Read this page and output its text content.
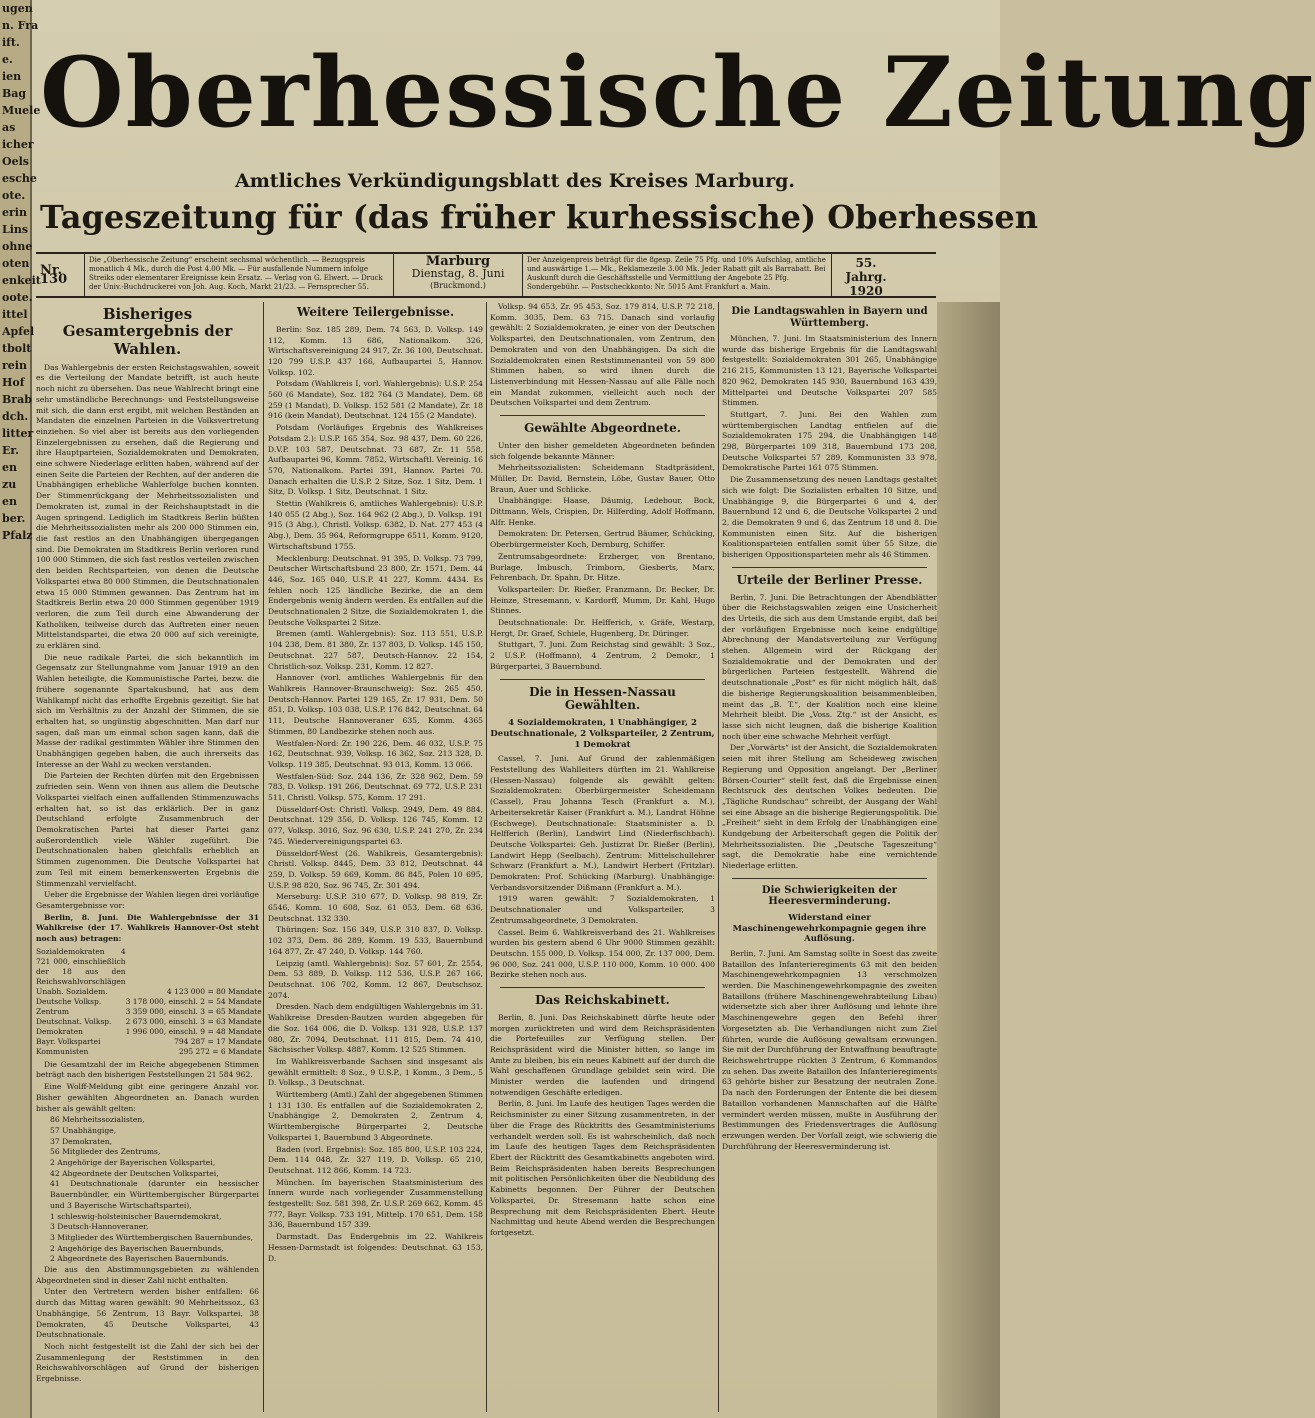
ugen
n. Fra
ift.
e.
ien
Bag
Muele
as
icher
Oels
esche
ote.
erin
Lins
ohne
oten
enkeit
oote.
ittel
Apfel
tbolt
rein
Hof
Brab
dch.
litter
Er.
en
zu
en
ber.
Pfalz
Oberhessische Zeitung
Amtliches Verkündigungsblatt des Kreises Marburg.
Tageszeitung für (das früher kurhessische) Oberhessen
Nr. 130
Die „Oberhessische Zeitung“ erscheint sechsmal wöchentlich. — Bezugspreis monatlich 4 Mk., durch die Post 4.00 Mk. — Für ausfallende Nummern infolge Streiks oder elementarer Ereignisse kein Ersatz. — Verlag von G. Elwert. — Druck der Univ.-Buchdruckerei von Joh. Aug. Koch, Markt 21/23. — Fernsprecher 55.
Marburg
Dienstag, 8. Juni
(Bruckmond.)
Der Anzeigenpreis beträgt für die 8gesp. Zeile 75 Pfg. und 10% Aufschlag, amtliche und auswärtige 1.— Mk., Reklamezeile 3.00 Mk. Jeder Rabatt gilt als Barrabatt. Bei Auskunft durch die Geschäftsstelle und Vermittlung der Angebote 25 Pfg. Sondergebühr. — Postscheckkonto: Nr. 5015 Amt Frankfurt a. Main.
55. Jahrg.
1920
Bisheriges Gesamtergebnis der Wahlen.

Das Wahlergebnis der ersten Reichstagswahlen, soweit es die Verteilung der Mandate betrifft, ist auch heute noch nicht zu übersehen. Das neue Wahlrecht bringt eine sehr umständliche Berechnungs- und Feststellungsweise mit sich, die dann erst ergibt, mit welchen Beständen an Mandaten die einzelnen Parteien in die Volksvertretung einziehen. So viel aber ist bereits aus den vorliegenden Einzelergebnissen zu ersehen, daß die Regierung und ihre Hauptparteien, Sozialdemokraten und Demokraten, eine schwere Niederlage erlitten haben, während auf der einen Seite die Parteien der Rechten, auf der anderen die Unabhängigen erhebliche Wahlerfolge buchen konnten. Der Stimmenrückgang der Mehrheitssozialisten und Demokraten ist, zumal in der Reichshauptstadt in die Augen springend. Lediglich im Stadtkreis Berlin büßten die Mehrheitssozialisten mehr als 200 000 Stimmen ein, die fast restlos an den Unabhängigen übergegangen sind. Die Demokraten im Stadtkreis Berlin verloren rund 100 000 Stimmen, die sich fast restlos verteilen zwischen den beiden Rechtsparteien, von denen die Deutsche Volkspartei etwa 80 000 Stimmen, die Deutschnationalen etwa 15 000 Stimmen gewannen. Das Zentrum hat im Stadtkreis Berlin etwa 20 000 Stimmen gegenüber 1919 verloren, die zum Teil durch eine Abwanderung der Katholiken, teilweise durch das Auftreten einer neuen Mittelstandspartei, die etwa 20 000 auf sich vereinigte, zu erklären sind.

Die neue radikale Partei, die sich bekanntlich im Gegensatz zur Stellungnahme vom Januar 1919 an den Wahlen beteiligte, die Kommunistische Partei, bezw. die frühere sogenannte Spartakusbund, hat aus dem Wahlkampf nicht das erhoffte Ergebnis gezeitigt. Sie hat sich im Verhältnis zu der Anzahl der Stimmen, die sie erhalten hat, so ungünstig abgeschnitten. Man darf nur sagen, daß man um einmal schon sagen kann, daß die Masse der radikal gestimmten Wähler ihre Stimmen den Unabhängigen gegeben haben, die auch ihrerseits das Interesse an der Wahl zu wecken verstanden.

Die Parteien der Rechten dürfen mit den Ergebnissen zufrieden sein. Wenn von ihnen aus allem die Deutsche Volkspartei vielfach einen auffallenden Stimmenzuwachs erhalten hat, so ist das erklärlich. Der in ganz Deutschland erfolgte Zusammenbruch der Demokratischen Partei hat dieser Partei ganz außerordentlich viele Wähler zugeführt. Die Deutschnationalen haben gleichfalls erheblich an Stimmen zugenommen. Die Deutsche Volkspartei hat zum Teil mit einem bemerkenswerten Ergebnis die Stimmenzahl vervielfacht.

Ueber die Ergebnisse der Wahlen liegen drei vorläufige Gesamtergebnisse vor:

Berlin, 8. Juni. Die Wahlergebnisse der 31 Wahlkreise (der 17. Wahlkreis Hannover-Ost steht noch aus) betragen:

Sozialdemokraten 4 721 000, einschließlich der 18 aus den Reichswahlvorschlägen	
Unabh. Sozialdem.	4 123 000 = 80 Mandate
Deutsche Volksp.	3 178 000, einschl. 2 = 54 Mandate
Zentrum	3 359 000, einschl. 3 = 65 Mandate
Deutschnat. Volksp.	2 673 000, einschl. 3 = 63 Mandate
Demokraten	1 996 000, einschl. 9 = 48 Mandate
Bayr. Volkspartei	794 287 = 17 Mandate
Kommunisten	295 272 = 6 Mandate

Die Gesamtzahl der im Reiche abgegebenen Stimmen beträgt nach den bisherigen Feststellungen 21 584 962.

Eine Wolff-Meldung gibt eine geringere Anzahl vor. Bisher gewählten Abgeordneten an. Danach wurden bisher als gewählt gelten:

86 Mehrheitssozialisten,

57 Unabhängige,

37 Demokraten,

56 Mitglieder des Zentrums,

2 Angehörige der Bayerischen Volkspartei,

42 Abgeordnete der Deutschen Volkspartei,

41 Deutschnationale (darunter ein hessischer Bauernbündler, ein Württembergischer Bürgerpartei und 3 Bayerische Wirtschaftspartei),

1 schleswig-holsteinischer Bauerndemokrat,

3 Deutsch-Hannoveraner,

3 Mitglieder des Württembergischen Bauernbundes,

2 Angehörige des Bayerischen Bauernbunds,

2 Abgeordnete des Bayerischen Bauernbunds.

Die aus den Abstimmungsgebieten zu wählenden Abgeordneten sind in dieser Zahl nicht enthalten.

Unter den Vertretern werden bisher entfallen: 66 durch das Mittag waren gewählt: 90 Mehrheitssoz., 63 Unabhängige, 56 Zentrum, 13 Bayr. Volkspartei, 38 Demokraten, 45 Deutsche Volkspartei, 43 Deutschnationale.

Noch nicht festgestellt ist die Zahl der sich bei der Zusammenlegung der Reststimmen in den Reichswahlvorschlägen auf Grund der bisherigen Ergebnisse.

Weitere Teilergebnisse.

Berlin: Soz. 185 289, Dem. 74 563, D. Volksp. 149 112, Komm. 13 686, Nationalkom. 326, Wirtschaftsvereinigung 24 917, Zr. 36 100, Deutschnat. 120 799 U.S.P. 437 166, Aufbaupartei 5, Hannov. Volksp. 102.

Potsdam (Wahlkreis I, vorl. Wahlergebnis): U.S.P. 254 560 (6 Mandate), Soz. 182 764 (3 Mandate), Dem. 68 259 (1 Mandat), D. Volksp. 152 581 (2 Mandate), Zr. 18 916 (kein Mandat), Deutschnat. 124 155 (2 Mandate).

Potsdam (Vorläufiges Ergebnis des Wahlkreises Potsdam 2.): U.S.P. 165 354, Soz. 98 437, Dem. 60 226, D.V.P. 103 587, Deutschnat. 73 687, Zr. 11 558, Aufbaupartei 96, Komm. 7852, Wirtschaftl. Vereinig. 16 570, Nationalkom. Partei 391, Hannov. Partei 70. Danach erhalten die U.S.P. 2 Sitze, Soz. 1 Sitz, Dem. 1 Sitz, D. Volksp. 1 Sitz, Deutschnat. 1 Sitz.

Stettin (Wahlkreis 6, amtliches Wahlergebnis): U.S.P. 140 055 (2 Abg.), Soz. 164 962 (2 Abg.), D. Volksp. 191 915 (3 Abg.), Christl. Volksp. 6382, D. Nat. 277 453 (4 Abg.), Dem. 35 964, Reformgruppe 6511, Komm. 9120, Wirtschaftsbund 1755.

Mecklenburg: Deutschnat. 91 395, D. Volksp. 73 799, Deutscher Wirtschaftsbund 23 800, Zr. 1571, Dem. 44 446, Soz. 165 040, U.S.P. 41 227, Komm. 4434. Es fehlen noch 125 ländliche Bezirke, die an dem Endergebnis wenig ändern werden. Es entfallen auf die Deutschnationalen 2 Sitze, die Sozialdemokraten 1, die Deutsche Volkspartei 2 Sitze.

Bremen (amtl. Wahlergebnis): Soz. 113 551, U.S.P. 104 238, Dem. 81 380, Zr. 137 803, D. Volksp. 145 150, Deutschnat. 227 587, Deutsch-Hannov. 22 154, Christlich-soz. Volksp. 231, Komm. 12 827.

Hannover (vorl. amtliches Wahlergebnis für den Wahlkreis Hannover-Braunschweig): Soz. 265 450, Deutsch-Hannov. Partei 129 165, Zr. 17 931, Dem. 50 851, D. Volksp. 103 038, U.S.P. 176 842, Deutschnat. 64 111, Deutsche Hannoveraner 635, Komm. 4365 Stimmen, 80 Landbezirke stehen noch aus.

Westfalen-Nord: Zr. 190 226, Dem. 46 032, U.S.P. 75 162, Deutschnat. 939, Volksp. 16 362, Soz. 213 328, D. Volksp. 119 385, Deutschnat. 93 013, Komm. 13 066.

Westfalen-Süd: Soz. 244 136, Zr. 328 962, Dem. 59 783, D. Volksp. 191 266, Deutschnat. 69 772, U.S.P. 231 511, Christl. Volksp. 575, Komm. 17 291.

Düsseldorf-Ost: Christl. Volksp. 2949, Dem. 49 884, Deutschnat. 129 356, D. Volksp. 126 745, Komm. 12 077, Volksp. 3016, Soz. 96 630, U.S.P. 241 270, Zr. 234 745. Wiedervereinigungspartei 63.

Düsseldorf-West (26. Wahlkreis, Gesamtergebnis): Christl. Volksp. 8445, Dem. 33 812, Deutschnat. 44 259, D. Volksp. 59 669, Komm. 86 845, Polen 10 695, U.S.P. 98 820, Soz. 96 745, Zr. 301 494.

Merseburg: U.S.P. 310 677, D. Volksp. 98 819, Zr. 6546, Komm. 10 608, Soz. 61 053, Dem. 68 636, Deutschnat. 132 330.

Thüringen: Soz. 156 349, U.S.P. 310 837, D. Volksp. 102 373, Dem. 86 289, Komm. 19 533, Bauernbund 164 877, Zr. 47 240, D. Volksp. 144 760.

Leipzig (amtl. Wahlergebnis): Soz. 57 601, Zr. 2554, Dem. 53 889, D. Volksp. 112 536, U.S.P. 267 166, Deutschnat. 106 702, Komm. 12 867, Deutschsoz. 2074.

Dresden. Nach dem endgültigen Wahlergebnis im 31. Wahlkreise Dresden-Bautzen wurden abgegeben für die Soz. 164 006, die D. Volksp. 131 928, U.S.P. 137 080, Zr. 7094, Deutschnat. 111 815, Dem. 74 410, Sächsischer Volksp. 4887, Komm. 12 525 Stimmen.

Im Wahlkreisverbande Sachsen sind insgesamt als gewählt ermittelt: 8 Soz., 9 U.S.P., 1 Komm., 3 Dem., 5 D. Volksp., 3 Deutschnat.

Württemberg (Amtl.) Zahl der abgegebenen Stimmen 1 131 130. Es entfallen auf die Sozialdemokraten 2, Unabhängige 2, Demokraten 2, Zentrum 4, Württembergische Bürgerpartei 2, Deutsche Volkspartei 1, Bauernbund 3 Abgeordnete.

Baden (vorl. Ergebnis): Soz. 185 800, U.S.P. 103 224, Dem. 114 048, Zr. 327 119, D. Volksp. 65 210, Deutschnat. 112 866, Komm. 14 723.

München. Im bayerischen Staatsministerium des Innern wurde nach vorliegender Zusammenstellung festgestellt: Soz. 581 398, Zr. U.S.P. 269 662, Komm. 45 777, Bayr. Volksp. 733 191, Mittelp. 170 651, Dem. 158 336, Bauernbund 157 339.

Darmstadt. Das Endergebnis im 22. Wahlkreis Hessen-Darmstadt ist folgendes: Deutschnat. 63 153, D.

Volksp. 94 653, Zr. 95 453, Soz. 179 814, U.S.P. 72 218, Komm. 3035, Dem. 63 715. Danach sind vorlaufig gewählt: 2 Sozialdemokraten, je einer von der Deutschen Volkspartei, den Deutschnationalen, vom Zentrum, den Demokraten und von den Unabhängigen. Da sich die Sozialdemokraten einen Reststimmenanteil von 59 800 Stimmen haben, so wird ihnen durch die Listenverbindung mit Hessen-Nassau auf alle Fälle noch ein Mandat zukommen, vielleicht auch noch der Deutschen Volkspartei und dem Zentrum.

Gewählte Abgeordnete.

Unter den bisher gemeldeten Abgeordneten befinden sich folgende bekannte Männer:

Mehrheitssozialisten: Scheidemann Stadtpräsident, Müller, Dr. David, Bernstein, Löbe, Gustav Bauer, Otto Braun, Auer und Schlicke.

Unabhängige: Haase, Däumig, Ledebour, Bock, Dittmann, Wels, Crispien, Dr. Hilferding, Adolf Hoffmann, Alfr. Henke.

Demokraten: Dr. Petersen, Gertrud Bäumer, Schücking, Oberbürgermeister Koch, Dernburg, Schiffer.

Zentrumsabgeordnete: Erzberger, von Brentano, Burlage, Imbusch, Trimborn, Giesberts, Marx, Fehrenbach, Dr. Spahn, Dr. Hitze.

Volksparteiler: Dr. Rießer, Franzmann, Dr. Becker, Dr. Heinze, Stresemann, v. Kardorff, Mumm, Dr. Kahl, Hugo Stinnes.

Deutschnationale: Dr. Helfferich, v. Gräfe, Westarp, Hergt, Dr. Graef, Schiele, Hugenberg, Dr. Düringer.

Stuttgart, 7. Juni. Zum Reichstag sind gewählt: 3 Soz., 2 U.S.P. (Hoffmann), 4 Zentrum, 2 Demokr., 1 Bürgerpartei, 3 Bauernbund.

Die in Hessen-Nassau Gewählten.
4 Sozialdemokraten, 1 Unabhängiger, 2 Deutschnationale, 2 Volksparteiler, 2 Zentrum, 1 Demokrat

Cassel, 7. Juni. Auf Grund der zahlenmäßigen Feststellung des Wahlleiters dürften im 21. Wahlkreise (Hessen-Nassau) folgende als gewählt gelten: Sozialdemokraten: Oberbürgermeister Scheidemann (Cassel), Frau Johanna Tesch (Frankfurt a. M.), Arbeitersekretär Kaiser (Frankfurt a. M.), Landrat Höhne (Eschwege). Deutschnationale: Staatsminister a. D. Helfferich (Berlin), Landwirt Lind (Niederfischbach). Deutsche Volkspartei: Geh. Justizrat Dr. Rießer (Berlin), Landwirt Hepp (Seelbach). Zentrum: Mittelschullehrer Schwarz (Frankfurt a. M.), Landwirt Herbert (Fritzlar). Demokraten: Prof. Schücking (Marburg). Unabhängige: Verbandsvorsitzender Dißmann (Frankfurt a. M.).

1919 waren gewählt: 7 Sozialdemokraten, 1 Deutschnationaler und Volksparteiler, 3 Zentrumsabgeordnete, 3 Demokraten.

Cassel. Beim 6. Wahlkreisverband des 21. Wahlkreises wurden bis gestern abend 6 Uhr 9000 Stimmen gezählt: Deutschn. 155 000, D. Volksp. 154 000, Zr. 137 000, Dem. 96 000, Soz. 241 000, U.S.P. 110 000, Komm. 10 000. 400 Bezirke stehen noch aus.

Das Reichskabinett.

Berlin, 8. Juni. Das Reichskabinett dürfte heute oder morgen zurücktreten und wird dem Reichspräsidenten die Portefeuilles zur Verfügung stellen. Der Reichspräsident wird die Minister bitten, so lange im Amte zu bleiben, bis ein neues Kabinett auf der durch die Wahl geschaffenen Grundlage gebildet sein wird. Die Minister werden die laufenden und dringend notwendigen Geschäfte erledigen.

Berlin, 8. Juni. Im Laufe des heutigen Tages werden die Reichsminister zu einer Sitzung zusammentreten, in der über die Frage des Rücktritts des Gesamtministeriums verhandelt werden soll. Es ist wahrscheinlich, daß noch im Laufe des heutigen Tages dem Reichspräsidenten Ebert der Rücktritt des Gesamtkabinetts angeboten wird. Beim Reichspräsidenten haben bereits Besprechungen mit politischen Persönlichkeiten über die Neubildung des Kabinetts begonnen. Der Führer der Deutschen Volkspartei, Dr. Stresemann hatte schon eine Besprechung mit dem Reichspräsidenten Ebert. Heute Nachmittag und heute Abend werden die Besprechungen fortgesetzt.

Die Landtagswahlen in Bayern und Württemberg.

München, 7. Juni. Im Staatsministerium des Innern wurde das bisherige Ergebnis für die Landtagswahl festgestellt: Sozialdemokraten 301 265, Unabhängige 216 215, Kommunisten 13 121, Bayerische Volkspartei 820 962, Demokraten 145 930, Bauernbund 163 439, Mittelpartei und Deutsche Volkspartei 207 585 Stimmen.

Stuttgart, 7. Juni. Bei den Wahlen zum württembergischen Landtag entfielen auf die Sozialdemokraten 175 294, die Unabhängigen 148 298, Bürgerpartei 109 318, Bauernbund 173 208, Deutsche Volkspartei 57 289, Kommunisten 33 978, Demokratische Partei 161 075 Stimmen.

Die Zusammensetzung des neuen Landtags gestaltet sich wie folgt: Die Sozialisten erhalten 10 Sitze, und Unabhängige 9, die Bürgerpartei 6 und 4, der Bauernbund 12 und 6, die Deutsche Volkspartei 2 und 2, die Demokraten 9 und 6, das Zentrum 18 und 8. Die Kommunisten einen Sitz. Auf die bisherigen Koalitionsparteien entfallen somit über 55 Sitze, die bisherigen Oppositionsparteien mehr als 46 Stimmen.

Urteile der Berliner Presse.

Berlin, 7. Juni. Die Betrachtungen der Abendblätter über die Reichstagswahlen zeigen eine Unsicherheit des Urteils, die sich aus dem Umstande ergibt, daß bei der vorläufigen Ergebnisse noch keine endgültige Abrechnung der Mandatsverteilung zur Verfügung stehen. Allgemein wird der Rückgang der Sozialdemokratie und der Demokraten und der bürgerlichen Parteien festgestellt. Während die deutschnationale „Post“ es für nicht möglich hält, daß die bisherige Regierungskoalition beisammenbleiben, meint das „B. T.“, der Koalition noch eine kleine Mehrheit bleibt. Die „Voss. Ztg.“ ist der Ansicht, es lasse sich nicht leugnen, daß die bisherige Koalition noch über eine schwache Mehrheit verfügt.

Der „Vorwärts“ ist der Ansicht, die Sozialdemokraten seien mit ihrer Stellung am Scheideweg zwischen Regierung und Opposition angelangt. Der „Berliner Börsen-Courier“ stellt fest, daß die Ergebnisse einen Rechtsruck des deutschen Volkes bedeuten. Die „Tägliche Rundschau“ schreibt, der Ausgang der Wahl sei eine Absage an die bisherige Regierungspolitik. Die „Freiheit“ sieht in dem Erfolg der Unabhängigen eine Kundgebung der Arbeiterschaft gegen die Politik der Mehrheitssozialisten. Die „Deutsche Tageszeitung“ sagt, die Demokratie habe eine vernichtende Niederlage erlitten.

Die Schwierigkeiten der Heeresverminderung.
Widerstand einer Maschinengewehrkompagnie gegen ihre Auflösung.

Berlin, 7. Juni. Am Samstag sollte in Soest das zweite Bataillon des Infanterieregiments 63 mit den beiden Maschinengewehrkompagnien 13 verschmolzen werden. Die Maschinengewehrkompagnie des zweiten Bataillons (frühere Maschinengewehrabteilung Libau) widersetzte sich aber ihrer Auflösung und lehnte ihre Maschinengewehre gegen den Befehl ihrer Vorgesetzten ab. Die Verhandlungen nicht zum Ziel führten, wurde die Auflösung gewaltsam erzwungen. Sie mit der Durchführung der Entwaffnung beauftragte Reichswehrtruppe rückten 3 Zentrum, 6 Kommandos zu sehen. Das zweite Bataillon des Infanterieregiments 63 gehörte bisher zur Besatzung der neutralen Zone. Da nach den Forderungen der Entente die bei diesem Bataillon vorhandenen Mannschaften auf die Hälfte vermindert werden müssen, mußte in Ausführung der Bestimmungen des Friedensvertrages die Auflösung erzwungen werden. Der Vorfall zeigt, wie schwierig die Durchführung der Heeresverminderung ist.
